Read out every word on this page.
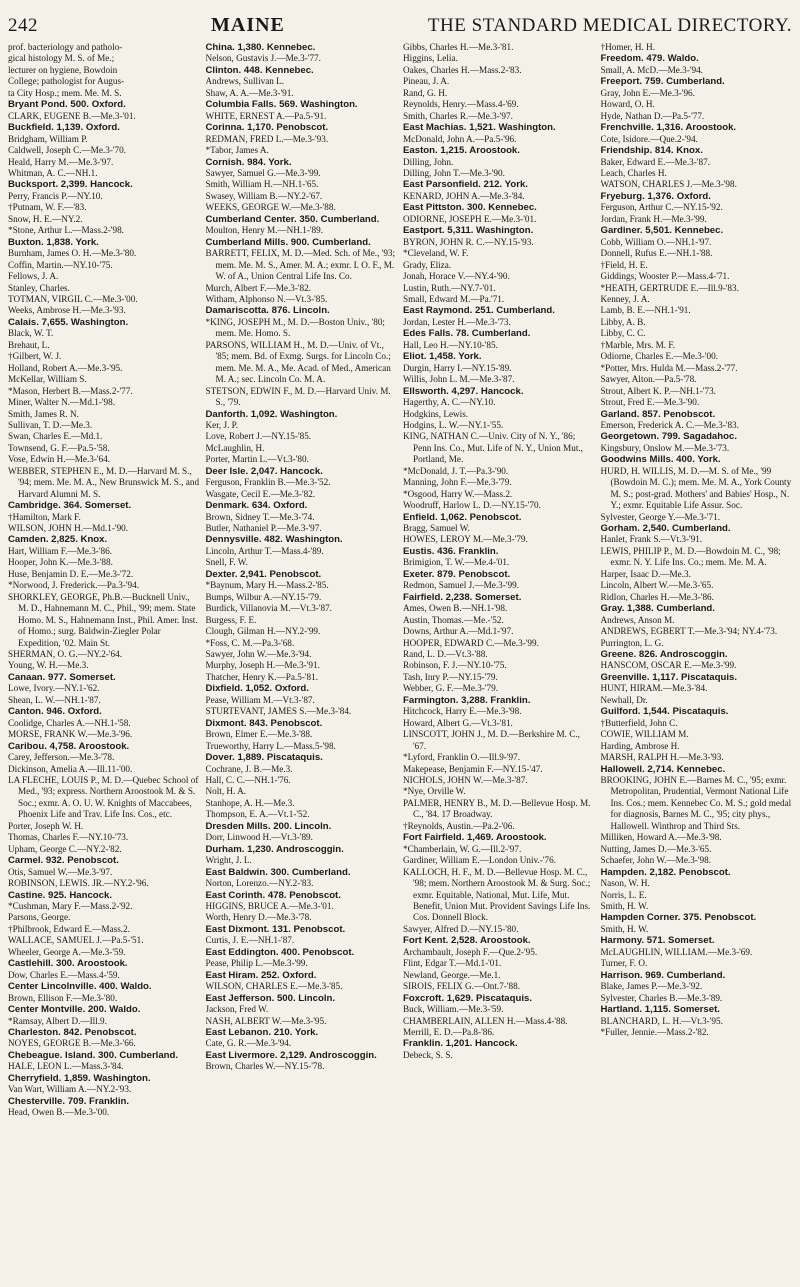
242	MAINE	THE STANDARD MEDICAL DIRECTORY.

prof. bacteriology and patholo-

gical histology M. S. of Me.;

lecturer on hygiene, Bowdoin

College; pathologist for Augus-

ta City Hosp.; mem. Me. M. S.

Bryant Pond. 500. Oxford.

CLARK, EUGENE B.—Me.3-'01.

Buckfield. 1,139. Oxford.

Bridgham, William P.

Caldwell, Joseph C.—Me.3-'70.

Heald, Harry M.—Me.3-'97.

Whitman, A. C.—NH.1.

Bucksport. 2,399. Hancock.

Perry, Francis P.—NY.10.

†Putnam, W. F.—'83.

Snow, H. E.—NY.2.

*Stone, Arthur L.—Mass.2-'98.

Buxton. 1,838. York.

Burnham, James O. H.—Me.3-'80.

Coffin, Martin.—NY.10-'75.

Fellows, J. A.

Stanley, Charles.

TOTMAN, VIRGIL C.—Me.3-'00.

Weeks, Ambrose H.—Me.3-'93.

Calais. 7,655. Washington.

Black, W. T.

Brehaut, L.

†Gilbert, W. J.

Holland, Robert A.—Me.3-'95.

McKellar, William S.

*Mason, Herbert B.—Mass.2-'77.

Miner, Walter N.—Md.1-'98.

Smith, James R. N.

Sullivan, T. D.—Me.3.

Swan, Charles E.—Md.1.

Townsend, G. F.—Pa.5-'58.

Vose, Edwin H.—Me.3-'64.

WEBBER, STEPHEN E., M. D.—Harvard M. S., '94; mem. Me. M. A., New Brunswick M. S., and Harvard Alumni M. S.

Cambridge. 364. Somerset.

†Hamilton, Mark F.

WILSON, JOHN H.—Md.1-'90.

Camden. 2,825. Knox.

Hart, William F.—Me.3-'86.

Hooper, John K.—Me.3-'88.

Huse, Benjamin D. E.—Me.3-'72.

*Norwood, J. Frederick.—Pa.3-'94.

SHORKLEY, GEORGE, Ph.B.—Bucknell Univ., M. D., Hahnemann M. C., Phil., '99; mem. State Homo. M. S., Hahnemann Inst., Phil. Amer. Inst. of Homo.; surg. Baldwin-Ziegler Polar Expedition, '02. Main St.

SHERMAN, O. G.—NY.2-'64.

Young, W. H.—Me.3.

Canaan. 977. Somerset.

Lowe, Ivory.—NY.1-'62.

Shean, L. W.—NH.1-'87.

Canton. 946. Oxford.

Coolidge, Charles A.—NH.1-'58.

MORSE, FRANK W.—Me.3-'96.

Caribou. 4,758. Aroostook.

Carey, Jefferson.—Me.3-'78.

Dickinson, Amelia A.—Ill.11-'00.

LA FLECHE, LOUIS P., M. D.—Quebec School of Med., '93; express. Northern Aroostook M. & S. Soc.; exmr. A. O. U. W. Knights of Maccabees, Phoenix Life and Trav. Life Ins. Cos., etc.

Porter, Joseph W. H.

Thomas, Charles F.—NY.10-'73.

Upham, George C.—NY.2-'82.

Carmel. 932. Penobscot.

Otis, Samuel W.—Me.3-'97.

ROBINSON, LEWIS. JR.—NY.2-'96.

Castine. 925. Hancock.

*Cushman, Mary F.—Mass.2-'92.

Parsons, George.

†Philbrook, Edward E.—Mass.2.

WALLACE, SAMUEL J.—Pa.5-'51.

Wheeler, George A.—Me.3-'59.

Castlehill. 300. Aroostook.

Dow, Charles E.—Mass.4-'59.

Center Lincolnville. 400. Waldo.

Brown, Ellison F.—Me.3-'80.

Center Montville. 200. Waldo.

*Ramsay, Albert D.—Ill.9.

Charleston. 842. Penobscot.

NOYES, GEORGE B.—Me.3-'66.

Chebeague. Island. 300. Cumberland.

HALE, LEON L.—Mass.3-'84.

Cherryfield. 1,859. Washington.

Van Wart, William A.—NY.2-'93.

Chesterville. 709. Franklin.

Head, Owen B.—Me.3-'00.

China. 1,380. Kennebec.

Nelson, Gustavis J.—Me.3-'77.

Clinton. 448. Kennebec.

Andrews, Sullivan L.

Shaw, A. A.—Me.3-'91.

Columbia Falls. 569. Washington.

WHITE, ERNEST A.—Pa.5-'91.

Corinna. 1,170. Penobscot.

REDMAN, FRED L.—Me.3-'93.

*Tabor, James A.

Cornish. 984. York.

Sawyer, Samuel G.—Me.3-'99.

Smith, William H.—NH.1-'65.

Swasey, William B.—NY.2-'67.

WEEKS, GEORGE W.—Me.3-'88.

Cumberland Center. 350. Cumberland.

Moulton, Henry M.—NH.1-'89.

Cumberland Mills. 900. Cumberland.

BARRETT, FELIX, M. D.—Med. Sch. of Me., '93; mem. Me. M. S., Amer. M. A.; exmr. I. O. F., M. W. of A., Union Central Life Ins. Co.

Murch, Albert F.—Me.3-'82.

Witham, Alphonso N.—Vt.3-'85.

Damariscotta. 876. Lincoln.

*KING, JOSEPH M., M. D.—Boston Univ., '80; mem. Me. Homo. S.

PARSONS, WILLIAM H., M. D.—Univ. of Vt., '85; mem. Bd. of Exmg. Surgs. for Lincoln Co.; mem. Me. M. A., Me. Acad. of Med., American M. A.; sec. Lincoln Co. M. A.

STETSON, EDWIN F., M. D.—Harvard Univ. M. S., '79.

Danforth. 1,092. Washington.

Ker, J. P.

Love, Robert J.—NY.15-'85.

McLaughlin, H.

Porter, Martin L.—Vt.3-'80.

Deer Isle. 2,047. Hancock.

Ferguson, Franklin B.—Me.3-'52.

Wasgate, Cecil E.—Me.3-'82.

Denmark. 634. Oxford.

Brown, Sidney T.—Me.3-'74.

Butler, Nathaniel P.—Me.3-'97.

Dennysville. 482. Washington.

Lincoln, Arthur T.—Mass.4-'89.

Snell, F. W.

Dexter. 2,941. Penobscot.

*Baynum, Mary H.—Mass.2-'85.

Bumps, Wilbur A.—NY.15-'79.

Burdick, Villanovia M.—Vt.3-'87.

Burgess, F. E.

Clough, Gilman H.—NY.2-'99.

*Foss, C. M.—Pa.3-'68.

Sawyer, John W.—Me.3-'94.

Murphy, Joseph H.—Me.3-'91.

Thatcher, Henry K.—Pa.5-'81.

Dixfield. 1,052. Oxford.

Pease, William M.—Vt.3-'87.

STURTEVANT, JAMES S.—Me.3-'84.

Dixmont. 843. Penobscot.

Brown, Elmer E.—Me.3-'88.

Trueworthy, Harry L.—Mass.5-'98.

Dover. 1,889. Piscataquis.

Cochrane, J. B.—Me.3.

Hall, C. C.—NH.1-'76.

Nolt, H. A.

Stanhope, A. H.—Me.3.

Thompson, E. A.—Vt.1-'52.

Dresden Mills. 200. Lincoln.

Dorr, Linwood H.—Vt.3-'89.

Durham. 1,230. Androscoggin.

Wright, J. L.

East Baldwin. 300. Cumberland.

Norton, Lorenzo.—NY.2-'83.

East Corinth. 478. Penobscot.

HIGGINS, BRUCE A.—Me.3-'01.

Worth, Henry D.—Me.3-'78.

East Dixmont. 131. Penobscot.

Curtis, J. E.—NH.1-'87.

East Eddington. 400. Penobscot.

Pease, Philip L.—Me.3-'99.

East Hiram. 252. Oxford.

WILSON, CHARLES E.—Me.3-'85.

East Jefferson. 500. Lincoln.

Jackson, Fred W.

NASH, ALBERT W.—Me.3-'95.

East Lebanon. 210. York.

Cate, G. R.—Me.3-'94.

East Livermore. 2,129. Androscoggin.

Brown, Charles W.—NY.15-'78.

Gibbs, Charles H.—Me.3-'81.

Higgins, Lelia.

Oakes, Charles H.—Mass.2-'83.

Pineau, J. A.

Rand, G. H.

Reynolds, Henry.—Mass.4-'69.

Smith, Charles R.—Me.3-'97.

East Machias. 1,521. Washington.

McDonald, John A.—Pa.5-'96.

Easton. 1,215. Aroostook.

Dilling, John.

Dilling, John T.—Me.3-'90.

East Parsonfield. 212. York.

KENARD, JOHN A.—Me.3-'84.

East Pittston. 300. Kennebec.

ODIORNE, JOSEPH E.—Me.3-'01.

Eastport. 5,311. Washington.

BYRON, JOHN R. C.—NY.15-'93.

*Cleveland, W. F.

Grady, Eliza.

Jonah, Horace V.—NY.4-'90.

Lustin, Ruth.—NY.7-'01.

Small, Edward M.—Pa.'71.

East Raymond. 251. Cumberland.

Jordan, Lester H.—Me.3-'73.

Edes Falls. 78. Cumberland.

Hall, Leo H.—NY.10-'85.

Eliot. 1,458. York.

Durgin, Harry I.—NY.15-'89.

Willis, John L. M.—Me.3-'87.

Ellsworth. 4,297. Hancock.

Hagerthy, A. C.—NY.10.

Hodgkins, Lewis.

Hodgins, L. W.—NY.1-'55.

KING, NATHAN C.—Univ. City of N. Y., '86; Penn Ins. Co., Mut. Life of N. Y., Union Mut., Portland, Me.

*McDonald, J. T.—Pa.3-'90.

Manning, John F.—Me.3-'79.

*Osgood, Harry W.—Mass.2.

Woodruff, Harlow L. D.—NY.15-'70.

Enfield. 1,062. Penobscot.

Bragg, Samuel W.

HOWES, LEROY M.—Me.3-'79.

Eustis. 436. Franklin.

Brimigion, T. W.—Me.4-'01.

Exeter. 879. Penobscot.

Redmon, Samuel J.—Me.3-'99.

Fairfield. 2,238. Somerset.

Ames, Owen B.—NH.1-'98.

Austin, Thomas.—Me.-'52.

Downs, Arthur A.—Md.1-'97.

HOOPER, EDWARD C.—Me.3-'99.

Rand, L. D.—Vt.3-'88.

Robinson, F. J.—NY.10-'75.

Tash, Inry P.—NY.15-'79.

Webber, G. F.—Me.3-'79.

Farmington. 3,288. Franklin.

Hitchcock, Harry E.—Me.3-'98.

Howard, Albert G.—Vt.3-'81.

LINSCOTT, JOHN J., M. D.—Berkshire M. C., '67.

*Lyford, Franklin O.—Ill.9-'97.

Makepease, Benjamin F.—NY.15-'47.

NICHOLS, JOHN W.—Me.3-'87.

*Nye, Orville W.

PALMER, HENRY B., M. D.—Bellevue Hosp. M. C., '84. 17 Broadway.

†Reynolds, Austin.—Pa.2-'06.

Fort Fairfield. 1,469. Aroostook.

*Chamberlain, W. G.—Ill.2-'97.

Gardiner, William E.—London Univ.-'76.

KALLOCH, H. F., M. D.—Bellevue Hosp. M. C., '98; mem. Northern Aroostook M. & Surg. Soc.; exmr. Equitable, National, Mut. Life, Mut. Benefit, Union Mut. Provident Savings Life Ins. Cos. Donnell Block.

Sawyer, Alfred D.—NY.15-'80.

Fort Kent. 2,528. Aroostook.

Archambault, Joseph F.—Que.2-'95.

Flint, Edgar T.—Md.1-'01.

Newland, George.—Me.1.

SIROIS, FELIX G.—Ont.7-'88.

Foxcroft. 1,629. Piscataquis.

Buck, William.—Me.3-'59.

CHAMBERLAIN, ALLEN H.—Mass.4-'88.

Merrill, E. D.—Pa.8-'86.

Franklin. 1,201. Hancock.

Debeck, S. S.

†Homer, H. H.

Freedom. 479. Waldo.

Small, A. McD.—Me.3-'94.

Freeport. 759. Cumberland.

Gray, John E.—Me.3-'96.

Howard, O. H.

Hyde, Nathan D.—Pa.5-'77.

Frenchville. 1,316. Aroostook.

Cote, Isidore.—Que.2-'94.

Friendship. 814. Knox.

Baker, Edward E.—Me.3-'87.

Leach, Charles H.

WATSON, CHARLES J.—Me.3-'98.

Fryeburg. 1,376. Oxford.

Ferguson, Arthur C.—NY.15-'92.

Jordan, Frank H.—Me.3-'99.

Gardiner. 5,501. Kennebec.

Cobb, William O.—NH.1-'97.

Donnell, Rufus E.—NH.1-'88.

†Field, H. E.

Giddings, Wooster P.—Mass.4-'71.

*HEATH, GERTRUDE E.—Ill.9-'83.

Kenney, J. A.

Lamb, B. E.—NH.1-'91.

Libby, A. B.

Libby, C. C.

†Marble, Mrs. M. F.

Odiorne, Charles E.—Me.3-'00.

*Potter, Mrs. Hulda M.—Mass.2-'77.

Sawyer, Alton.—Pa.5-'78.

Strout, Albert K. P.—NH.1-'73.

Strout, Fred E.—Me.3-'90.

Garland. 857. Penobscot.

Emerson, Frederick A. C.—Me.3-'83.

Georgetown. 799. Sagadahoc.

Kingsbury, Onslow M.—Me.3-'73.

Goodwins Mills. 400. York.

HURD, H. WILLIS, M. D.—M. S. of Me., '99 (Bowdoin M. C.); mem. Me. M. A., York County M. S.; post-grad. Mothers' and Babies' Hosp., N. Y.; exmr. Equitable Life Assur. Soc.

Sylvester, George Y.—Me.3-'71.

Gorham. 2,540. Cumberland.

Hanlet, Frank S.—Vt.3-'91.

LEWIS, PHILIP P., M. D.—Bowdoin M. C., '98; exmr. N. Y. Life Ins. Co.; mem. Me. M. A.

Harper, Isaac D.—Me.3.

Lincoln, Albert W.—Me.3-'65.

Ridlon, Charles H.—Me.3-'86.

Gray. 1,388. Cumberland.

Andrews, Anson M.

ANDREWS, EGBERT T.—Me.3-'94; NY.4-'73.

Purrington, L. G.

Greene. 826. Androscoggin.

HANSCOM, OSCAR E.—Me.3-'99.

Greenville. 1,117. Piscataquis.

HUNT, HIRAM.—Me.3-'84.

Newhall, Dr.

Guilford. 1,544. Piscataquis.

†Butterfield, John C.

COWIE, WILLIAM M.

Harding, Ambrose H.

MARSH, RALPH H.—Me.3-'93.

Hallowell. 2,714. Kennebec.

BROOKING, JOHN E.—Barnes M. C., '95; exmr. Metropolitan, Prudential, Vermont National Life Ins. Cos.; mem. Kennebec Co. M. S.; gold medal for diagnosis, Barnes M. C., '95; city phys., Hallowell. Winthrop and Third Sts.

Milliken, Howard A.—Me.3-'98.

Nutting, James D.—Me.3-'65.

Schaefer, John W.—Me.3-'98.

Hampden. 2,182. Penobscot.

Nason, W. H.

Norris, L. E.

Smith, H. W.

Hampden Corner. 375. Penobscot.

Smith, H. W.

Harmony. 571. Somerset.

McLAUGHLIN, WILLIAM.—Me.3-'69.

Turner, F. O.

Harrison. 969. Cumberland.

Blake, James P.—Me.3-'92.

Sylvester, Charles B.—Me.3-'89.

Hartland. 1,115. Somerset.

BLANCHARD, L. H.—Vt.3-'95.

*Fuller, Jennie.—Mass.2-'82.
